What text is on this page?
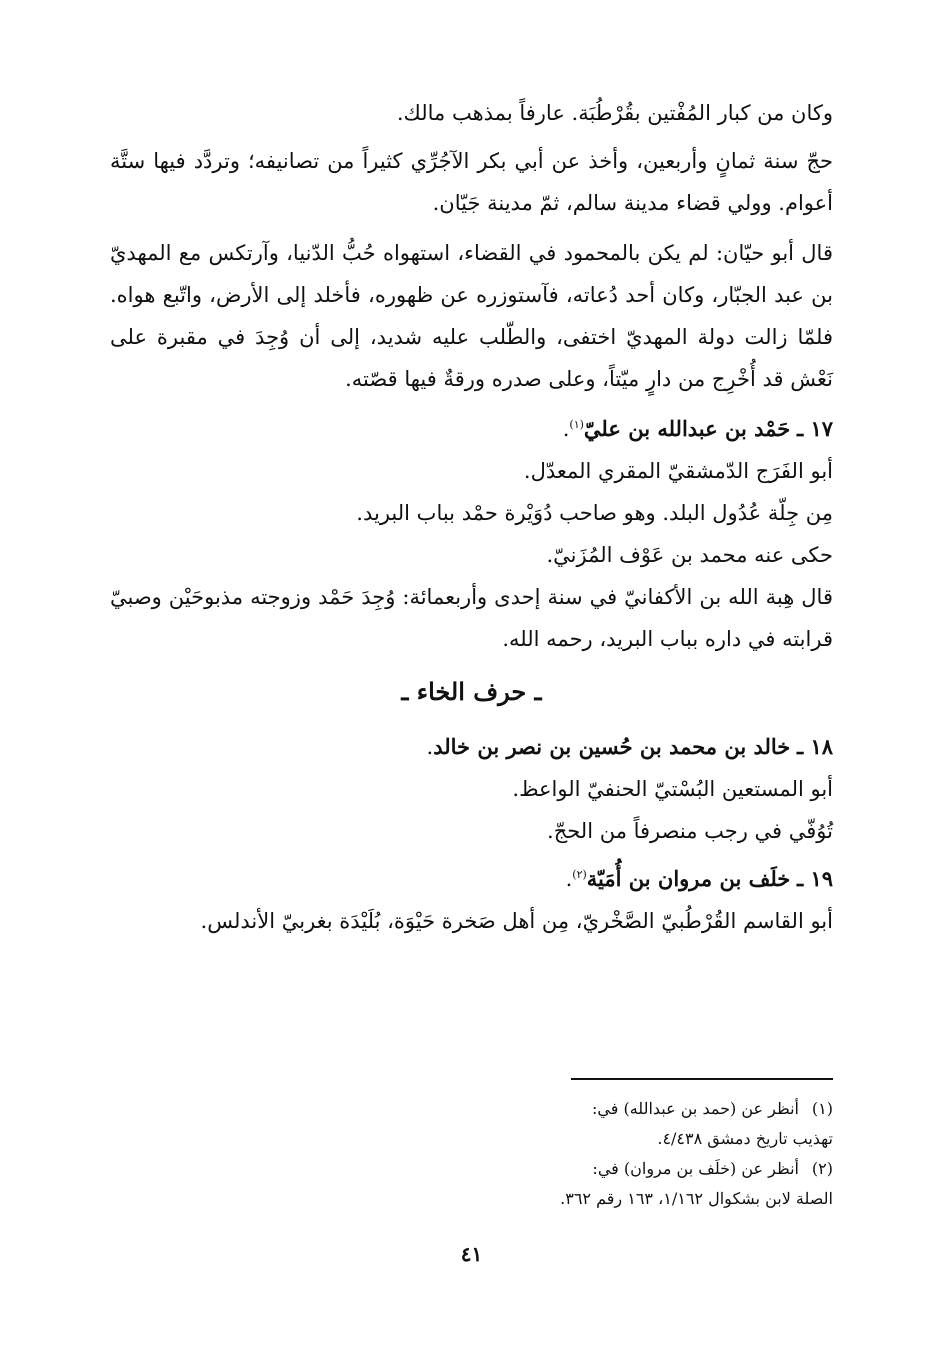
وكان من كبار المُفْتين بقُرْطُبَة. عارفاً بمذهب مالك.

حجّ سنة ثمانٍ وأربعين، وأخذ عن أبي بكر الآجُرِّي كثيراً من تصانيفه؛ وتردَّد فيها ستَّة أعوام. وولي قضاء مدينة سالم، ثمّ مدينة جَيّان.

قال أبو حيّان: لم يكن بالمحمود في القضاء، استهواه حُبُّ الدّنيا، وآرتكس مع المهديّ بن عبد الجبّار، وكان أحد دُعاته، فآستوزره عن ظهوره، فأخلد إلى الأرض، واتّبع هواه. فلمّا زالت دولة المهديّ اختفى، والطّلب عليه شديد، إلى أن وُجِدَ في مقبرة على نَعْش قد أُخْرِج من دارٍ ميّتاً، وعلى صدره ورقةٌ فيها قصّته.

١٧ ـ حَمْد بن عبدالله بن عليّ$^{(١)}$.

أبو الفَرَج الدّمشقيّ المقري المعدّل.

مِن جِلّة عُدُول البلد. وهو صاحب دُوَيْرة حمْد بباب البريد.

حكى عنه محمد بن عَوْف المُزَنيّ.

قال هِبة الله بن الأكفانيّ في سنة إحدى وأربعمائة: وُجِدَ حَمْد وزوجته مذبوحَيْن وصبيّ قرابته في داره بباب البريد، رحمه الله.

ـ حرف الخاء ـ

١٨ ـ خالد بن محمد بن حُسين بن نصر بن خالد.

أبو المستعين البُسْتيّ الحنفيّ الواعظ.

تُوُفّي في رجب منصرفاً من الحجّ.

١٩ ـ خلَف بن مروان بن أُمَيّة$^{(٢)}$.

أبو القاسم القُرْطُبيّ الصَّخْريّ، مِن أهل صَخرة حَيْوَة، بُلَيْدَة بغربيّ الأندلس.

(١)أنظر عن (حمد بن عبدالله) في:

تهذيب تاريخ دمشق ٤/٤٣٨.

(٢)أنظر عن (خلَف بن مروان) في:

الصلة لابن بشكوال ١/١٦٢، ١٦٣ رقم ٣٦٢.

٤١
